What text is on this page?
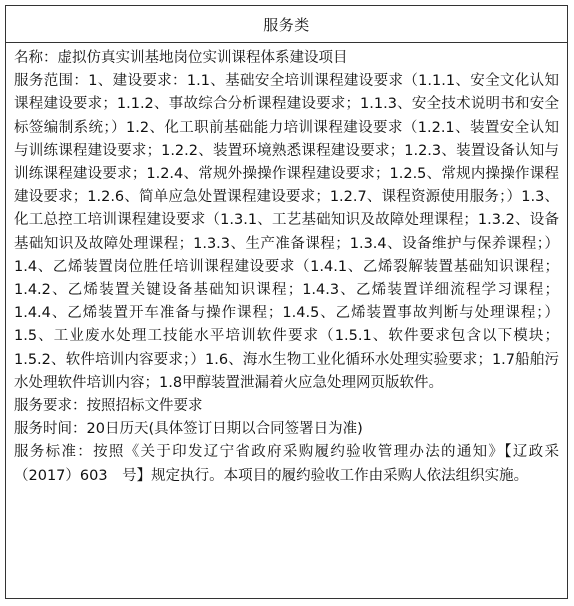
服务类

名称：虚拟仿真实训基地岗位实训课程体系建设项目

服务范围：1、建设要求：1.1、基础安全培训课程建设要求（1.1.1、安全文化认知课程建设要求；1.1.2、事故综合分析课程建设要求；1.1.3、安全技术说明书和安全标签编制系统；）1.2、化工职前基础能力培训课程建设要求（1.2.1、装置安全认知与训练课程建设要求；1.2.2、装置环境熟悉课程建设要求；1.2.3、装置设备认知与训练课程建设要求；1.2.4、常规外操操作课程建设要求；1.2.5、常规内操操作课程建设要求；1.2.6、简单应急处置课程建设要求；1.2.7、课程资源使用服务；）1.3、化工总控工培训课程建设要求（1.3.1、工艺基础知识及故障处理课程；1.3.2、设备基础知识及故障处理课程；1.3.3、生产准备课程；1.3.4、设备维护与保养课程；）1.4、乙烯装置岗位胜任培训课程建设要求（1.4.1、乙烯裂解装置基础知识课程；1.4.2、乙烯装置关键设备基础知识课程；1.4.3、乙烯装置详细流程学习课程；1.4.4、乙烯装置开车准备与操作课程；1.4.5、乙烯装置事故判断与处理课程；）1.5、工业废水处理工技能水平培训软件要求（1.5.1、软件要求包含以下模块；1.5.2、软件培训内容要求；）1.6、海水生物工业化循环水处理实验要求；1.7船舶污水处理软件培训内容；1.8甲醇装置泄漏着火应急处理网页版软件。

服务要求：按照招标文件要求

服务时间：20日历天(具体签订日期以合同签署日为准)

服务标准：按照《关于印发辽宁省政府采购履约验收管理办法的通知》【辽政采（2017）603　号】规定执行。本项目的履约验收工作由采购人依法组织实施。
